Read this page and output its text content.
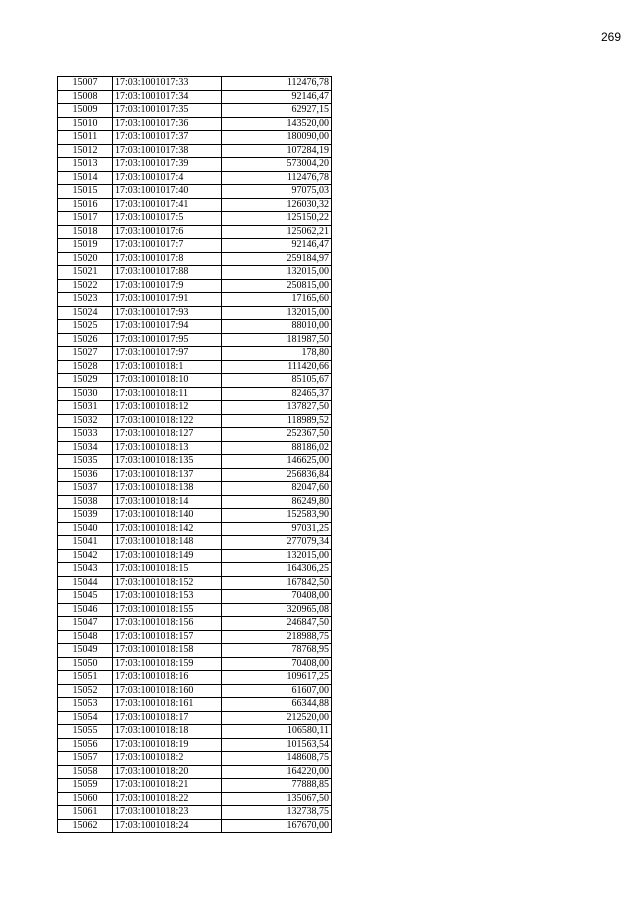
269
15007	17:03:1001017:33	112476,78
15008	17:03:1001017:34	92146,47
15009	17:03:1001017:35	62927,15
15010	17:03:1001017:36	143520,00
15011	17:03:1001017:37	180090,00
15012	17:03:1001017:38	107284,19
15013	17:03:1001017:39	573004,20
15014	17:03:1001017:4	112476,78
15015	17:03:1001017:40	97075,03
15016	17:03:1001017:41	126030,32
15017	17:03:1001017:5	125150,22
15018	17:03:1001017:6	125062,21
15019	17:03:1001017:7	92146,47
15020	17:03:1001017:8	259184,97
15021	17:03:1001017:88	132015,00
15022	17:03:1001017:9	250815,00
15023	17:03:1001017:91	17165,60
15024	17:03:1001017:93	132015,00
15025	17:03:1001017:94	88010,00
15026	17:03:1001017:95	181987,50
15027	17:03:1001017:97	178,80
15028	17:03:1001018:1	111420,66
15029	17:03:1001018:10	85105,67
15030	17:03:1001018:11	82465,37
15031	17:03:1001018:12	137827,50
15032	17:03:1001018:122	118989,52
15033	17:03:1001018:127	252367,50
15034	17:03:1001018:13	88186,02
15035	17:03:1001018:135	146625,00
15036	17:03:1001018:137	256836,84
15037	17:03:1001018:138	82047,60
15038	17:03:1001018:14	86249,80
15039	17:03:1001018:140	152583,90
15040	17:03:1001018:142	97031,25
15041	17:03:1001018:148	277079,34
15042	17:03:1001018:149	132015,00
15043	17:03:1001018:15	164306,25
15044	17:03:1001018:152	167842,50
15045	17:03:1001018:153	70408,00
15046	17:03:1001018:155	320965,08
15047	17:03:1001018:156	246847,50
15048	17:03:1001018:157	218988,75
15049	17:03:1001018:158	78768,95
15050	17:03:1001018:159	70408,00
15051	17:03:1001018:16	109617,25
15052	17:03:1001018:160	61607,00
15053	17:03:1001018:161	66344,88
15054	17:03:1001018:17	212520,00
15055	17:03:1001018:18	106580,11
15056	17:03:1001018:19	101563,54
15057	17:03:1001018:2	148608,75
15058	17:03:1001018:20	164220,00
15059	17:03:1001018:21	77888,85
15060	17:03:1001018:22	135067,50
15061	17:03:1001018:23	132738,75
15062	17:03:1001018:24	167670,00
